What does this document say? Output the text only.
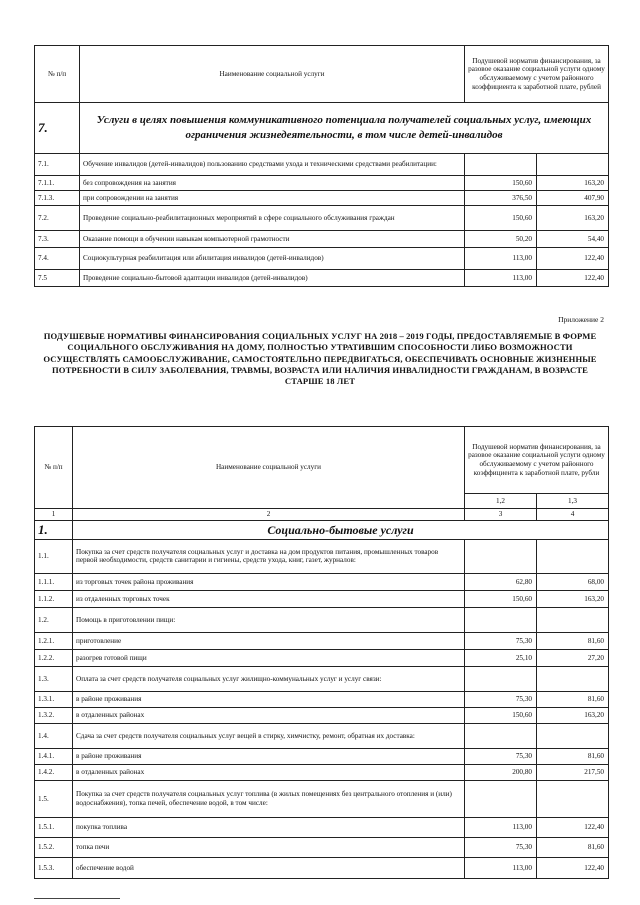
№ п/п	Наименование социальной услуги	Подушевой норматив финансирования, за разовое оказание социальной услуги одному обслуживаемому с учетом районного коэффициента к заработной плате, рублей	
7.	Услуги в целях повышения коммуникативного потенциала получателей социальных услуг, имеющих ограничения жизнедеятельности, в том числе детей-инвалидов		
7.1.	Обучение инвалидов (детей-инвалидов) пользованию средствами ухода и техническими средствами реабилитации:		
7.1.1.	без сопровождения на занятия	150,60	163,20
7.1.3.	при сопровождении на занятия	376,50	407,90
7.2.	Проведение социально-реабилитационных мероприятий в сфере социального обслуживания граждан	150,60	163,20
7.3.	Оказание помощи в обучении навыкам компьютерной грамотности	50,20	54,40
7.4.	Социокультурная реабилитация или абилитация инвалидов (детей-инвалидов)	113,00	122,40
7.5	Проведение социально-бытовой адаптации инвалидов (детей-инвалидов)	113,00	122,40
Приложение 2
ПОДУШЕВЫЕ НОРМАТИВЫ ФИНАНСИРОВАНИЯ СОЦИАЛЬНЫХ УСЛУГ НА 2018 – 2019 ГОДЫ, ПРЕДОСТАВЛЯЕМЫЕ В ФОРМЕ СОЦИАЛЬНОГО ОБСЛУЖИВАНИЯ НА ДОМУ, ПОЛНОСТЬЮ УТРАТИВШИМ СПОСОБНОСТИ ЛИБО ВОЗМОЖНОСТИ ОСУЩЕСТВЛЯТЬ САМООБСЛУЖИВАНИЕ, САМОСТОЯТЕЛЬНО ПЕРЕДВИГАТЬСЯ, ОБЕСПЕЧИВАТЬ ОСНОВНЫЕ ЖИЗНЕННЫЕ ПОТРЕБНОСТИ В СИЛУ ЗАБОЛЕВАНИЯ, ТРАВМЫ, ВОЗРАСТА ИЛИ НАЛИЧИЯ ИНВАЛИДНОСТИ ГРАЖДАНАМ, В ВОЗРАСТЕ СТАРШЕ 18 ЛЕТ
№ п/п	Наименование социальной услуги	Подушевой норматив финансирования, за разовое оказание социальной услуги одному обслуживаемому с учетом районного коэффициента к заработной плате, рубли	
		1,2	1,3
1	2	3	4
1.	Социально-бытовые услуги		
1.1.	Покупка за счет средств получателя социальных услуг и доставка на дом продуктов питания, промышленных товаров первой необходимости, средств санитарии и гигиены, средств ухода, книг, газет, журналов:		
1.1.1.	из торговых точек района проживания	62,80	68,00
1.1.2.	из отдаленных торговых точек	150,60	163,20
1.2.	Помощь в приготовлении пищи:		
1.2.1.	приготовление	75,30	81,60
1.2.2.	разогрев готовой пищи	25,10	27,20
1.3.	Оплата за счет средств получателя социальных услуг жилищно-коммунальных услуг и услуг связи:		
1.3.1.	в районе проживания	75,30	81,60
1.3.2.	в отдаленных районах	150,60	163,20
1.4.	Сдача за счет средств получателя социальных услуг вещей в стирку, химчистку, ремонт, обратная их доставка:		
1.4.1.	в районе проживания	75,30	81,60
1.4.2.	в отдаленных районах	200,80	217,50
1.5.	Покупка за счет средств получателя социальных услуг топлива (в жилых помещениях без центрального отопления и (или) водоснабжения), топка печей, обеспечение водой, в том числе:		
1.5.1.	покупка топлива	113,00	122,40
1.5.2.	топка печи	75,30	81,60
1.5.3.	обеспечение водой	113,00	122,40
